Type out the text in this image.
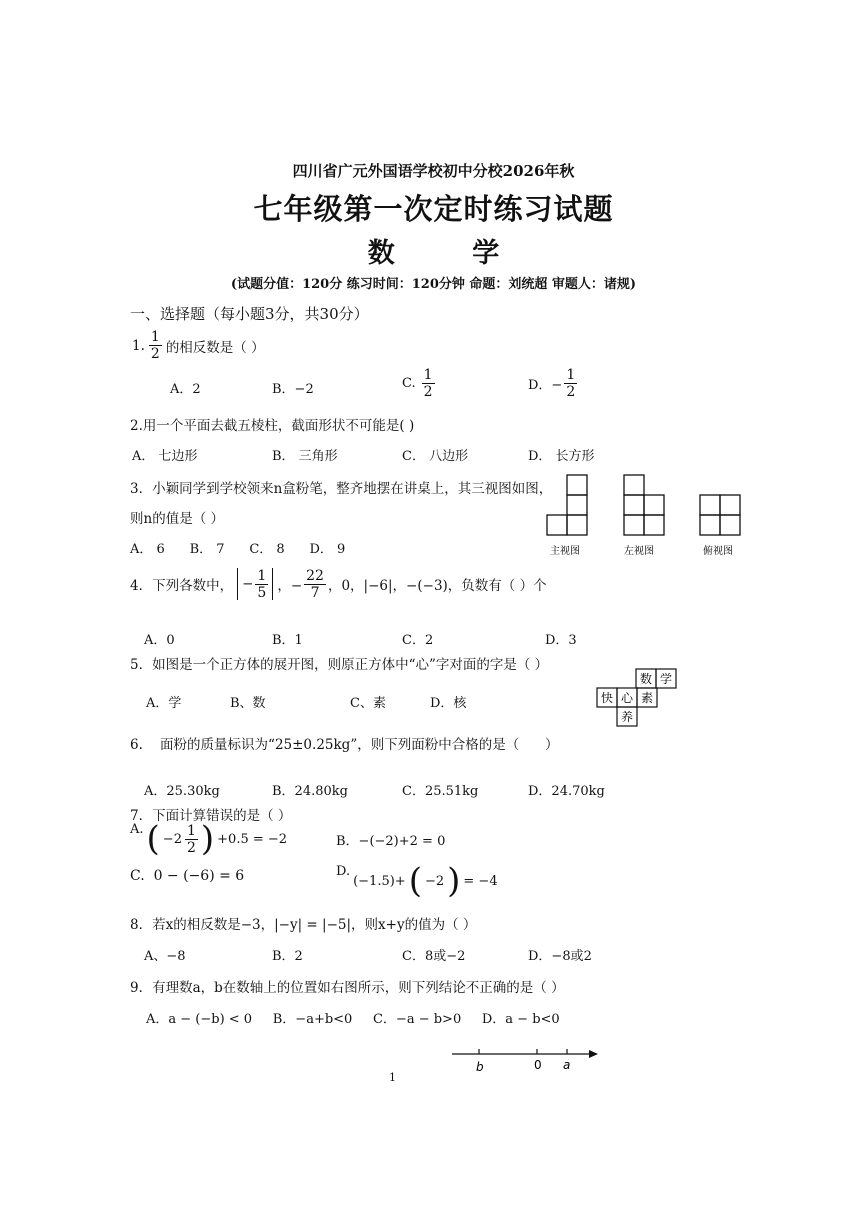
四川省广元外国语学校初中分校2026年秋
七年级第一次定时练习试题
数 学
(试题分值：120分 练习时间：120分钟 命题：刘统超 审题人：诸规)
一、选择题（每小题3分，共30分）
1. $\frac{1}{2}$ 的相反数是（ ）
A．2	B．−2	C. $\frac{1}{2}$	D．− $\frac{1}{2}$
2.用一个平面去截五棱柱，截面形状不可能是( )
A． 七边形	B． 三角形	C． 八边形	D． 长方形
3．小颖同学到学校领来n盒粉笔，整齐地摆在讲桌上，其三视图如图，
则n的值是（ ）
A． 6      B． 7      C． 8      D． 9	主视图	左视图	俯视图
4．下列各数中， − $\frac{1}{5}$ ，− $\frac{22}{7}$ ，0，|−6|，−(−3)，负数有（ ）个
A．0	B．1	C．2	D．3
5．如图是一个正方体的展开图，则原正方体中“心”字对面的字是（ ）
A．学	B、数	C、素	D．核
数 学
快 心 素
养
6.    面粉的质量标识为“25±0.25kg”，则下列面粉中合格的是（      ）
A．25.30kg	B．24.80kg	C．25.51kg	D．24.70kg
7．下面计算错误的是（ ）
A. ( $-2 \frac{1}{2}$ ) +0.5 = −2	B．−(−2)+2 = 0
C.  0 − (−6) = 6	D.
(−1.5)+ ( −2 ) = −4
8．若x的相反数是−3，|−y| = |−5|，则x+y的值为（ ）
A、−8	B．2	C．8或−2	D．−8或2
9．有理数a，b在数轴上的位置如右图所示，则下列结论不正确的是（ ）
A．a − (−b) < 0     B．−a+b<0     C．−a − b>0     D．a − b<0
b	0 a
1
